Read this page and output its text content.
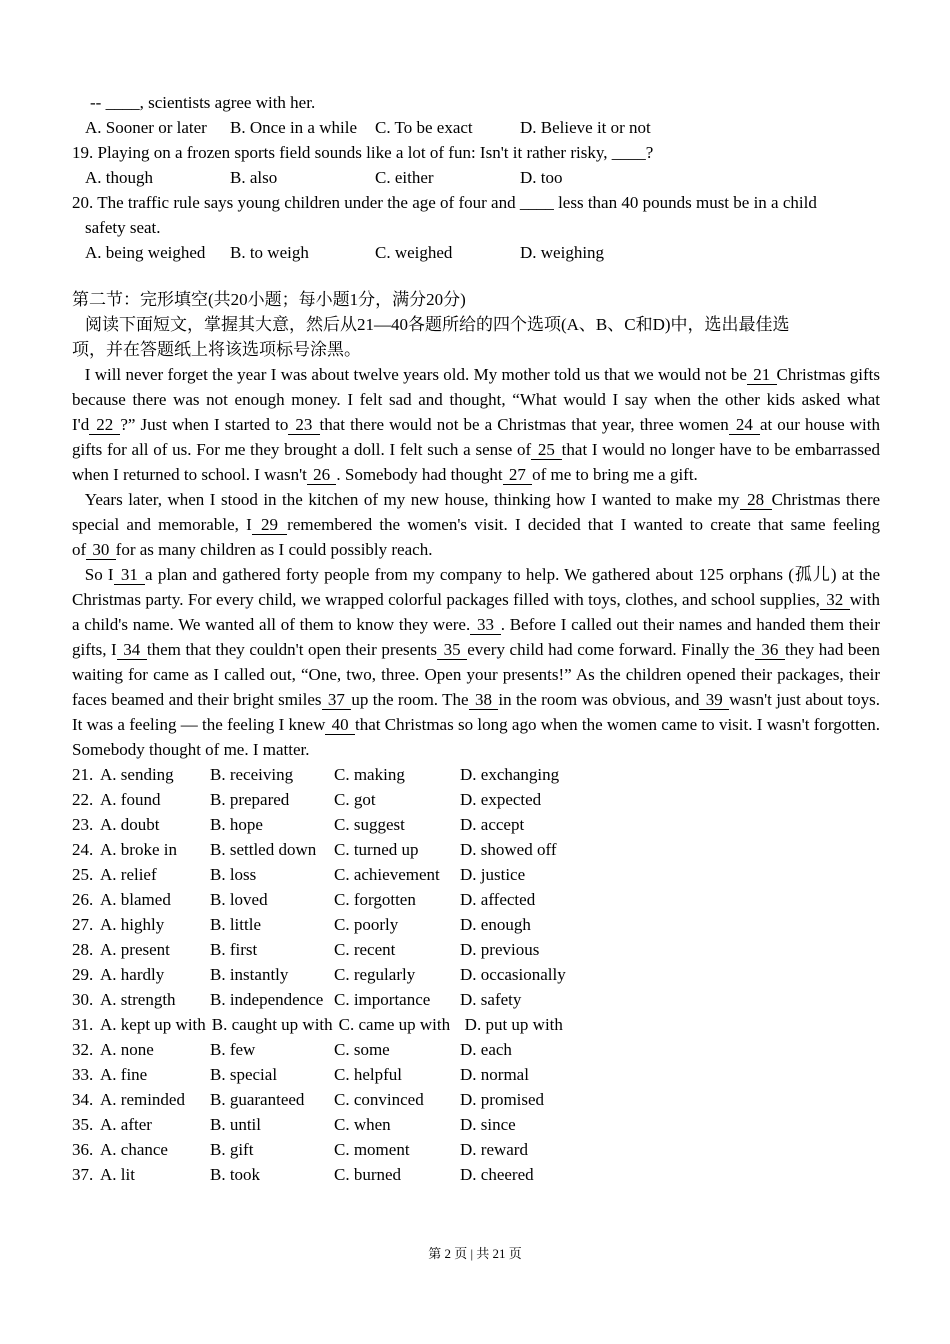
-- ____, scientists agree with her.
A. Sooner or later B. Once in a while C. To be exact	D. Believe it or not
19. Playing on a frozen sports field sounds like a lot of fun: Isn't it rather risky, ____?
A. though	B. also	C. either	D. too
20. The traffic rule says young children under the age of four and ____ less than 40 pounds must be in a child
safety seat.
A. being weighed B. to weigh	C. weighed	D. weighing
第二节：完形填空(共20小题；每小题1分，满分20分)
阅读下面短文，掌握其大意，然后从21—40各题所给的四个选项(A、B、C和D)中，选出最佳选
项，并在答题纸上将该选项标号涂黑。

I will never forget the year I was about twelve years old. My mother told us that we would not be 21 Christmas gifts because there was not enough money. I felt sad and thought, “What would I say when the other kids asked what I'd 22 ?” Just when I started to 23 that there would not be a Christmas that year, three women 24 at our house with gifts for all of us. For me they brought a doll. I felt such a sense of 25 that I would no longer have to be embarrassed when I returned to school. I wasn't 26 . Somebody had thought 27 of me to bring me a gift.

Years later, when I stood in the kitchen of my new house, thinking how I wanted to make my 28 Christmas there special and memorable, I 29 remembered the women's visit. I decided that I wanted to create that same feeling of 30 for as many children as I could possibly reach.

So I 31 a plan and gathered forty people from my company to help. We gathered about 125 orphans (孤儿) at the Christmas party. For every child, we wrapped colorful packages filled with toys, clothes, and school supplies, 32 with a child's name. We wanted all of them to know they were. 33 . Before I called out their names and handed them their gifts, I 34 them that they couldn't open their presents 35 every child had come forward. Finally the 36 they had been waiting for came as I called out, “One, two, three. Open your presents!” As the children opened their packages, their faces beamed and their bright smiles 37 up the room. The 38 in the room was obvious, and 39 wasn't just about toys. It was a feeling — the feeling I knew 40 that Christmas so long ago when the women came to visit. I wasn't forgotten. Somebody thought of me. I matter.

21. A. sending B. receiving C. making	D. exchanging
22. A. found	B. prepared	C. got	D. expected
23. A. doubt	B. hope	C. suggest	D. accept
24. A. broke in B. settled down C. turned up D. showed off
25. A. relief	B. loss	C. achievement D. justice
26. A. blamed B. loved	C. forgotten	D. affected
27. A. highly	B. little	C. poorly	D. enough
28. A. present B. first	C. recent	D. previous
29. A. hardly	B. instantly	C. regularly	D. occasionally
30. A. strength B. independence C. importance D. safety
31. A. kept up with B. caught up with C. came up with D. put up with
32. A. none	B. few	C. some	D. each
33. A. fine	B. special	C. helpful	D. normal
34. A. reminded B. guaranteed C. convinced D. promised
35. A. after	B. until	C. when	D. since
36. A. chance B. gift	C. moment	D. reward
37. A. lit	B. took	C. burned	D. cheered
第 2 页 | 共 21 页
